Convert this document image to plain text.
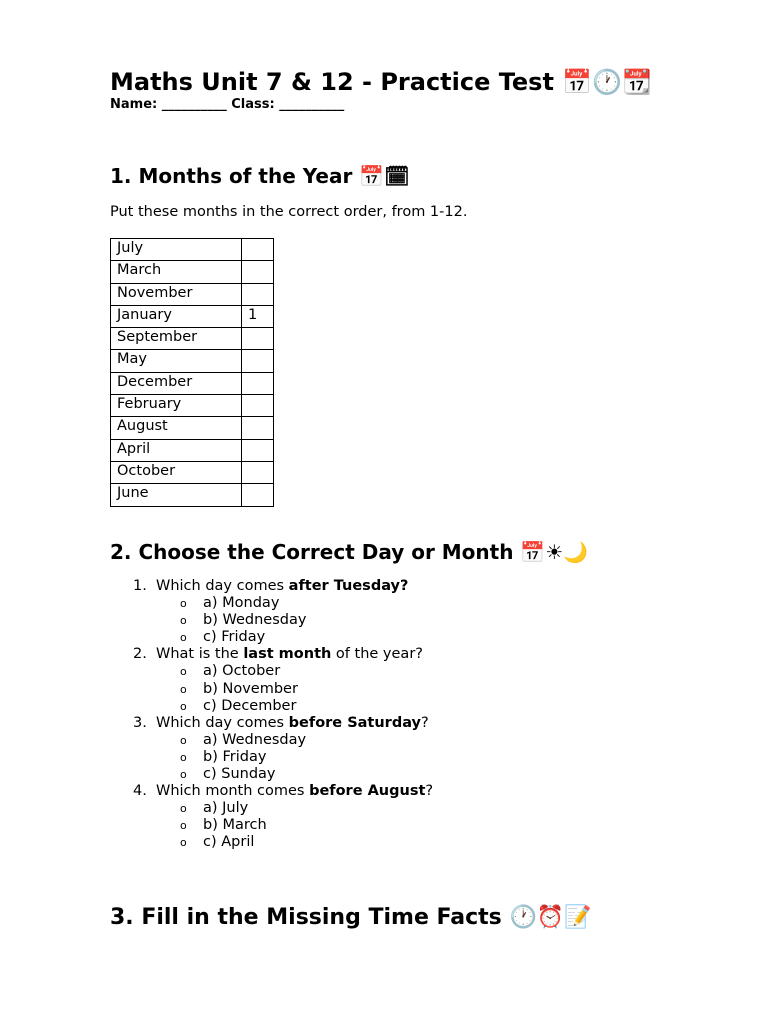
Maths Unit 7 & 12 - Practice Test 📅🕐📆
Name: __________ Class: __________
1. Months of the Year 📅🗓
Put these months in the correct order, from 1-12.
July	
March	
November	
January	1
September	
May	
December	
February	
August	
April	
October	
June	
2. Choose the Correct Day or Month 📅☀🌙
1. Which day comes after Tuesday?
o a) Monday
o b) Wednesday
o c) Friday
2. What is the last month of the year?
o a) October
o b) November
o c) December
3. Which day comes before Saturday?
o a) Wednesday
o b) Friday
o c) Sunday
4. Which month comes before August?
o a) July
o b) March
o c) April
3. Fill in the Missing Time Facts 🕐⏰📝
